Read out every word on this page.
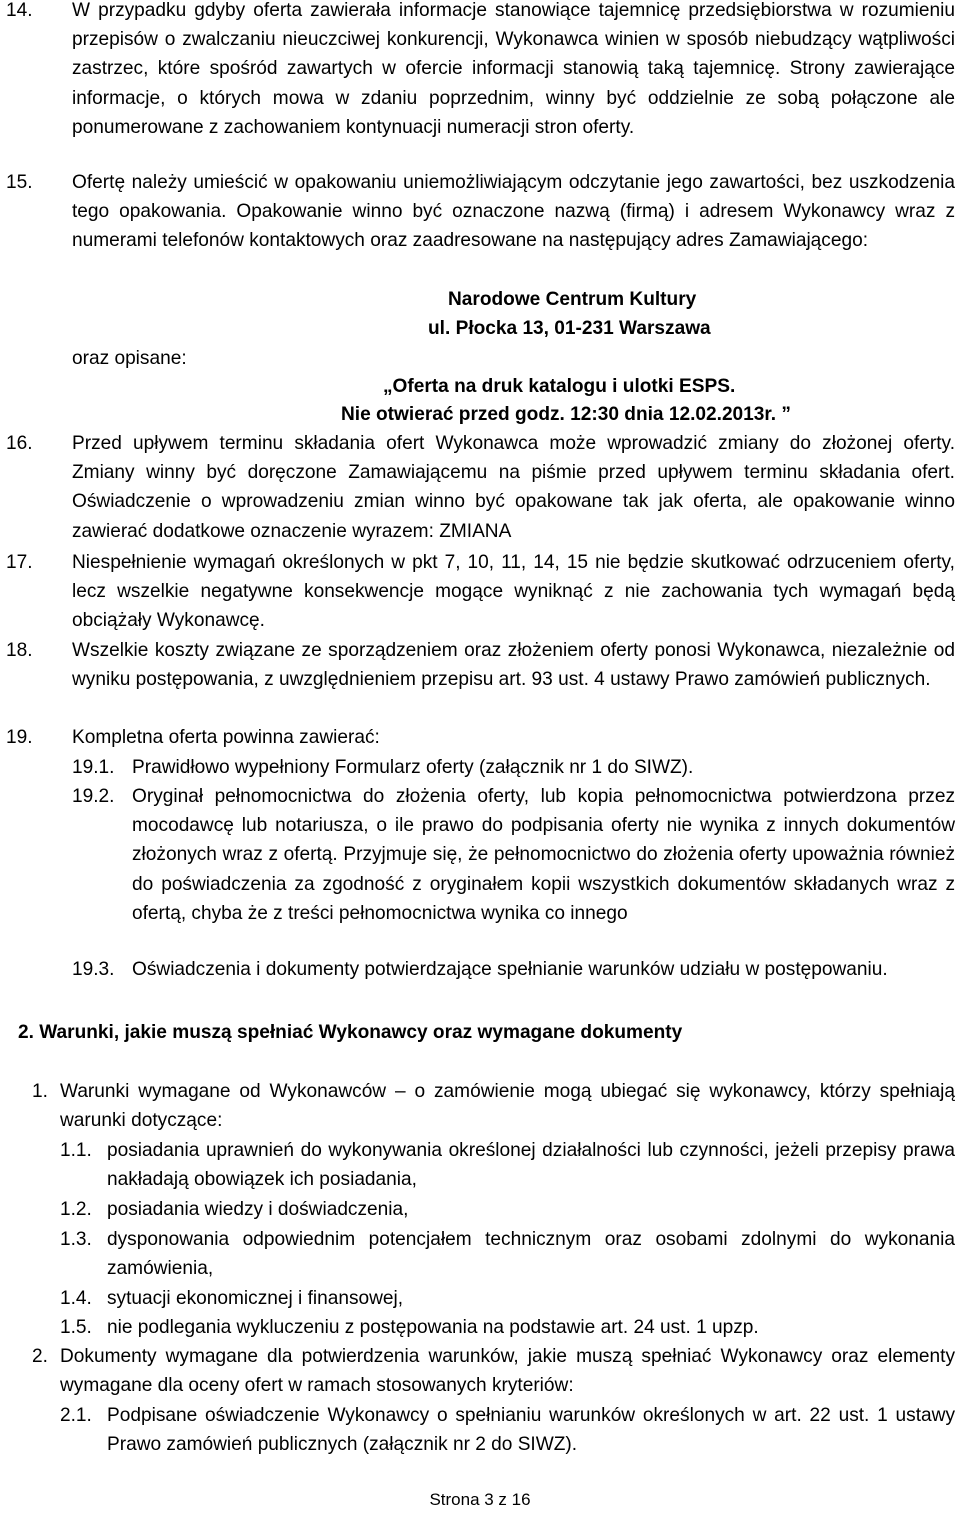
14. W przypadku gdyby oferta zawierała informacje stanowiące tajemnicę przedsiębiorstwa w rozumieniu przepisów o zwalczaniu nieuczciwej konkurencji, Wykonawca winien w sposób niebudzący wątpliwości zastrzec, które spośród zawartych w ofercie informacji stanowią taką tajemnicę. Strony zawierające informacje, o których mowa w zdaniu poprzednim, winny być oddzielnie ze sobą połączone ale ponumerowane z zachowaniem kontynuacji numeracji stron oferty.
15. Ofertę należy umieścić w opakowaniu uniemożliwiającym odczytanie jego zawartości, bez uszkodzenia tego opakowania. Opakowanie winno być oznaczone nazwą (firmą) i adresem Wykonawcy wraz z numerami telefonów kontaktowych oraz zaadresowane na następujący adres Zamawiającego:
Narodowe Centrum Kultury
ul. Płocka 13, 01-231 Warszawa
oraz opisane:
„Oferta na druk katalogu i ulotki ESPS.
Nie otwierać przed godz. 12:30 dnia 12.02.2013r. ”
16. Przed upływem terminu składania ofert Wykonawca może wprowadzić zmiany do złożonej oferty. Zmiany winny być doręczone Zamawiającemu na piśmie przed upływem terminu składania ofert. Oświadczenie o wprowadzeniu zmian winno być opakowane tak jak oferta, ale opakowanie winno zawierać dodatkowe oznaczenie wyrazem: ZMIANA
17. Niespełnienie wymagań określonych w pkt 7, 10, 11, 14, 15 nie będzie skutkować odrzuceniem oferty, lecz wszelkie negatywne konsekwencje mogące wyniknąć z nie zachowania tych wymagań będą obciążały Wykonawcę.
18. Wszelkie koszty związane ze sporządzeniem oraz złożeniem oferty ponosi Wykonawca, niezależnie od wyniku postępowania, z uwzględnieniem przepisu art. 93 ust. 4 ustawy Prawo zamówień publicznych.
19. Kompletna oferta powinna zawierać:
19.1. Prawidłowo wypełniony Formularz oferty (załącznik nr 1 do SIWZ).
19.2. Oryginał pełnomocnictwa do złożenia oferty, lub kopia pełnomocnictwa potwierdzona przez mocodawcę lub notariusza, o ile prawo do podpisania oferty nie wynika z innych dokumentów złożonych wraz z ofertą. Przyjmuje się, że pełnomocnictwo do złożenia oferty upoważnia również do poświadczenia za zgodność z oryginałem kopii wszystkich dokumentów składanych wraz z ofertą, chyba że z treści pełnomocnictwa wynika co innego
19.3. Oświadczenia i dokumenty potwierdzające spełnianie warunków udziału w postępowaniu.
2. Warunki, jakie muszą spełniać Wykonawcy oraz wymagane dokumenty
1. Warunki wymagane od Wykonawców – o zamówienie mogą ubiegać się wykonawcy, którzy spełniają warunki dotyczące:
1.1. posiadania uprawnień do wykonywania określonej działalności lub czynności, jeżeli przepisy prawa nakładają obowiązek ich posiadania,
1.2. posiadania wiedzy i doświadczenia,
1.3. dysponowania odpowiednim potencjałem technicznym oraz osobami zdolnymi do wykonania zamówienia,
1.4. sytuacji ekonomicznej i finansowej,
1.5. nie podlegania wykluczeniu z postępowania na podstawie art. 24 ust. 1 upzp.
2. Dokumenty wymagane dla potwierdzenia warunków, jakie muszą spełniać Wykonawcy oraz elementy wymagane dla oceny ofert w ramach stosowanych kryteriów:
2.1. Podpisane oświadczenie Wykonawcy o spełnianiu warunków określonych w art. 22 ust. 1 ustawy Prawo zamówień publicznych (załącznik nr 2 do SIWZ).
Strona 3 z 16
